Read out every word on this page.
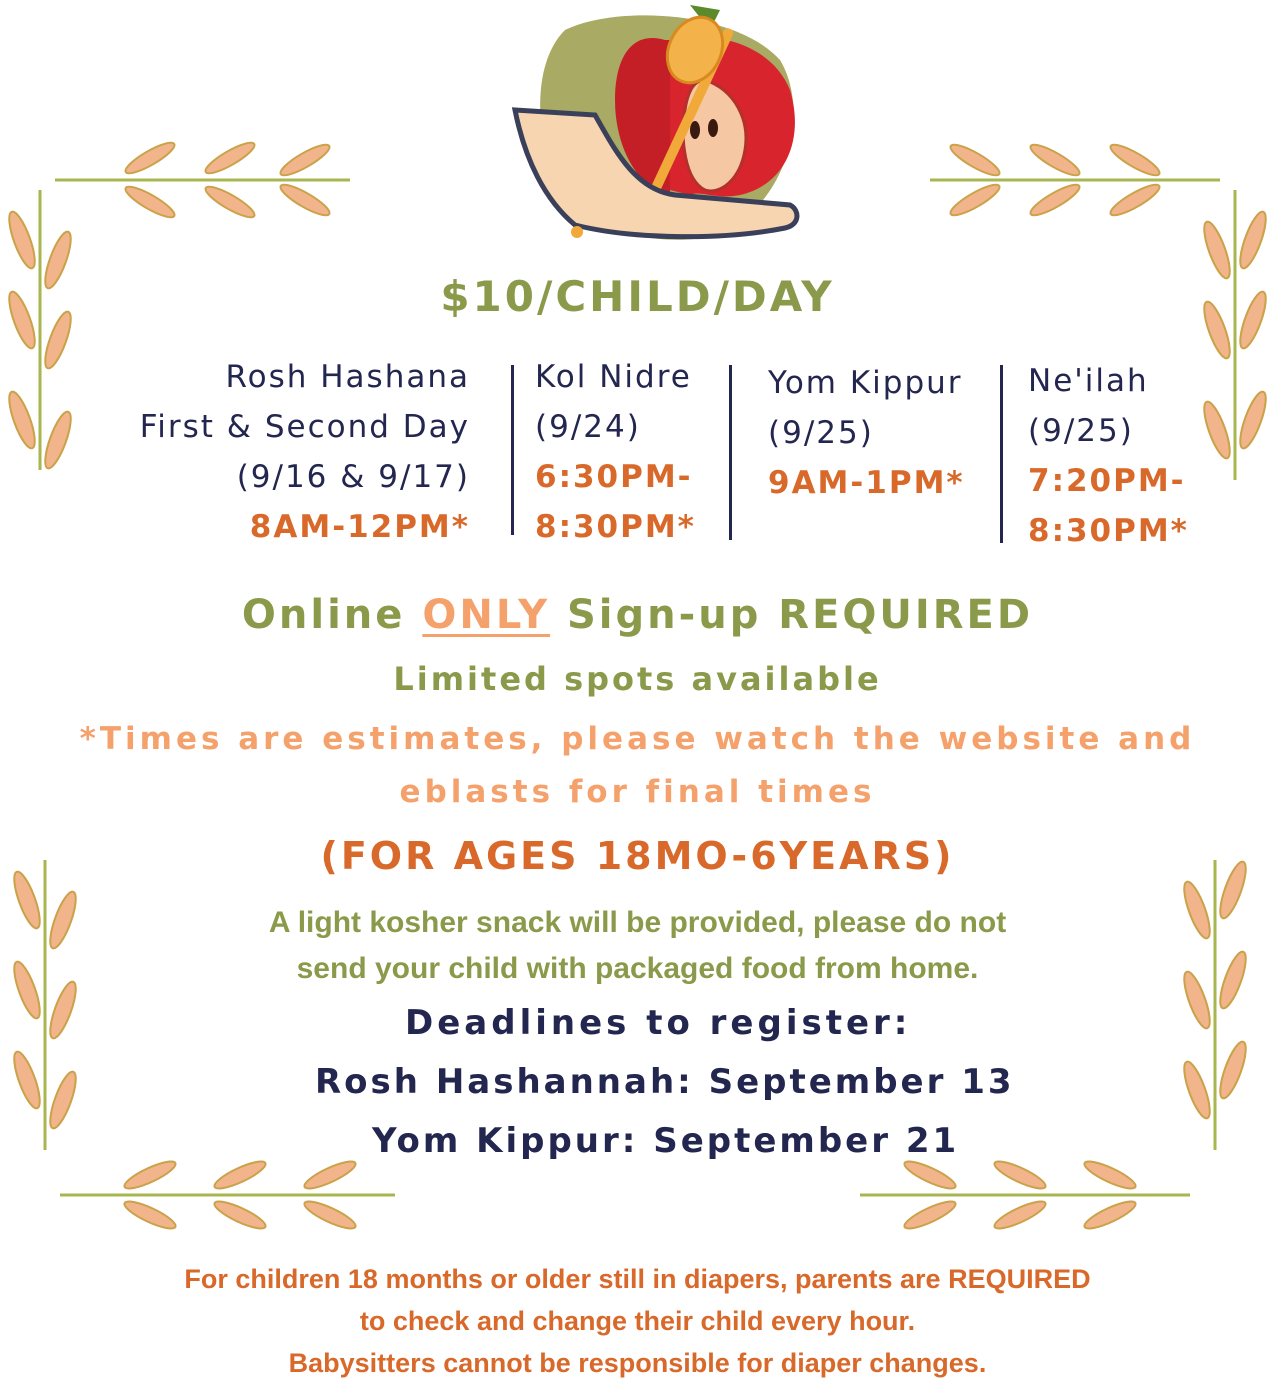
$10/CHILD/DAY
Rosh Hashana
First & Second Day
(9/16 & 9/17)
8AM-12PM*
Kol Nidre
(9/24)
6:30PM-
8:30PM*
Yom Kippur
(9/25)
9AM-1PM*
Ne'ilah
(9/25)
7:20PM-
8:30PM*
Online ONLY Sign-up REQUIRED
Limited spots available
*Times are estimates, please watch the website and
eblasts for final times
(FOR AGES 18MO-6YEARS)
A light kosher snack will be provided, please do not
send your child with packaged food from home.
Deadlines to register:
Rosh Hashannah: September 13
Yom Kippur: September 21
For children 18 months or older still in diapers, parents are REQUIRED
to check and change their child every hour.
Babysitters cannot be responsible for diaper changes.
